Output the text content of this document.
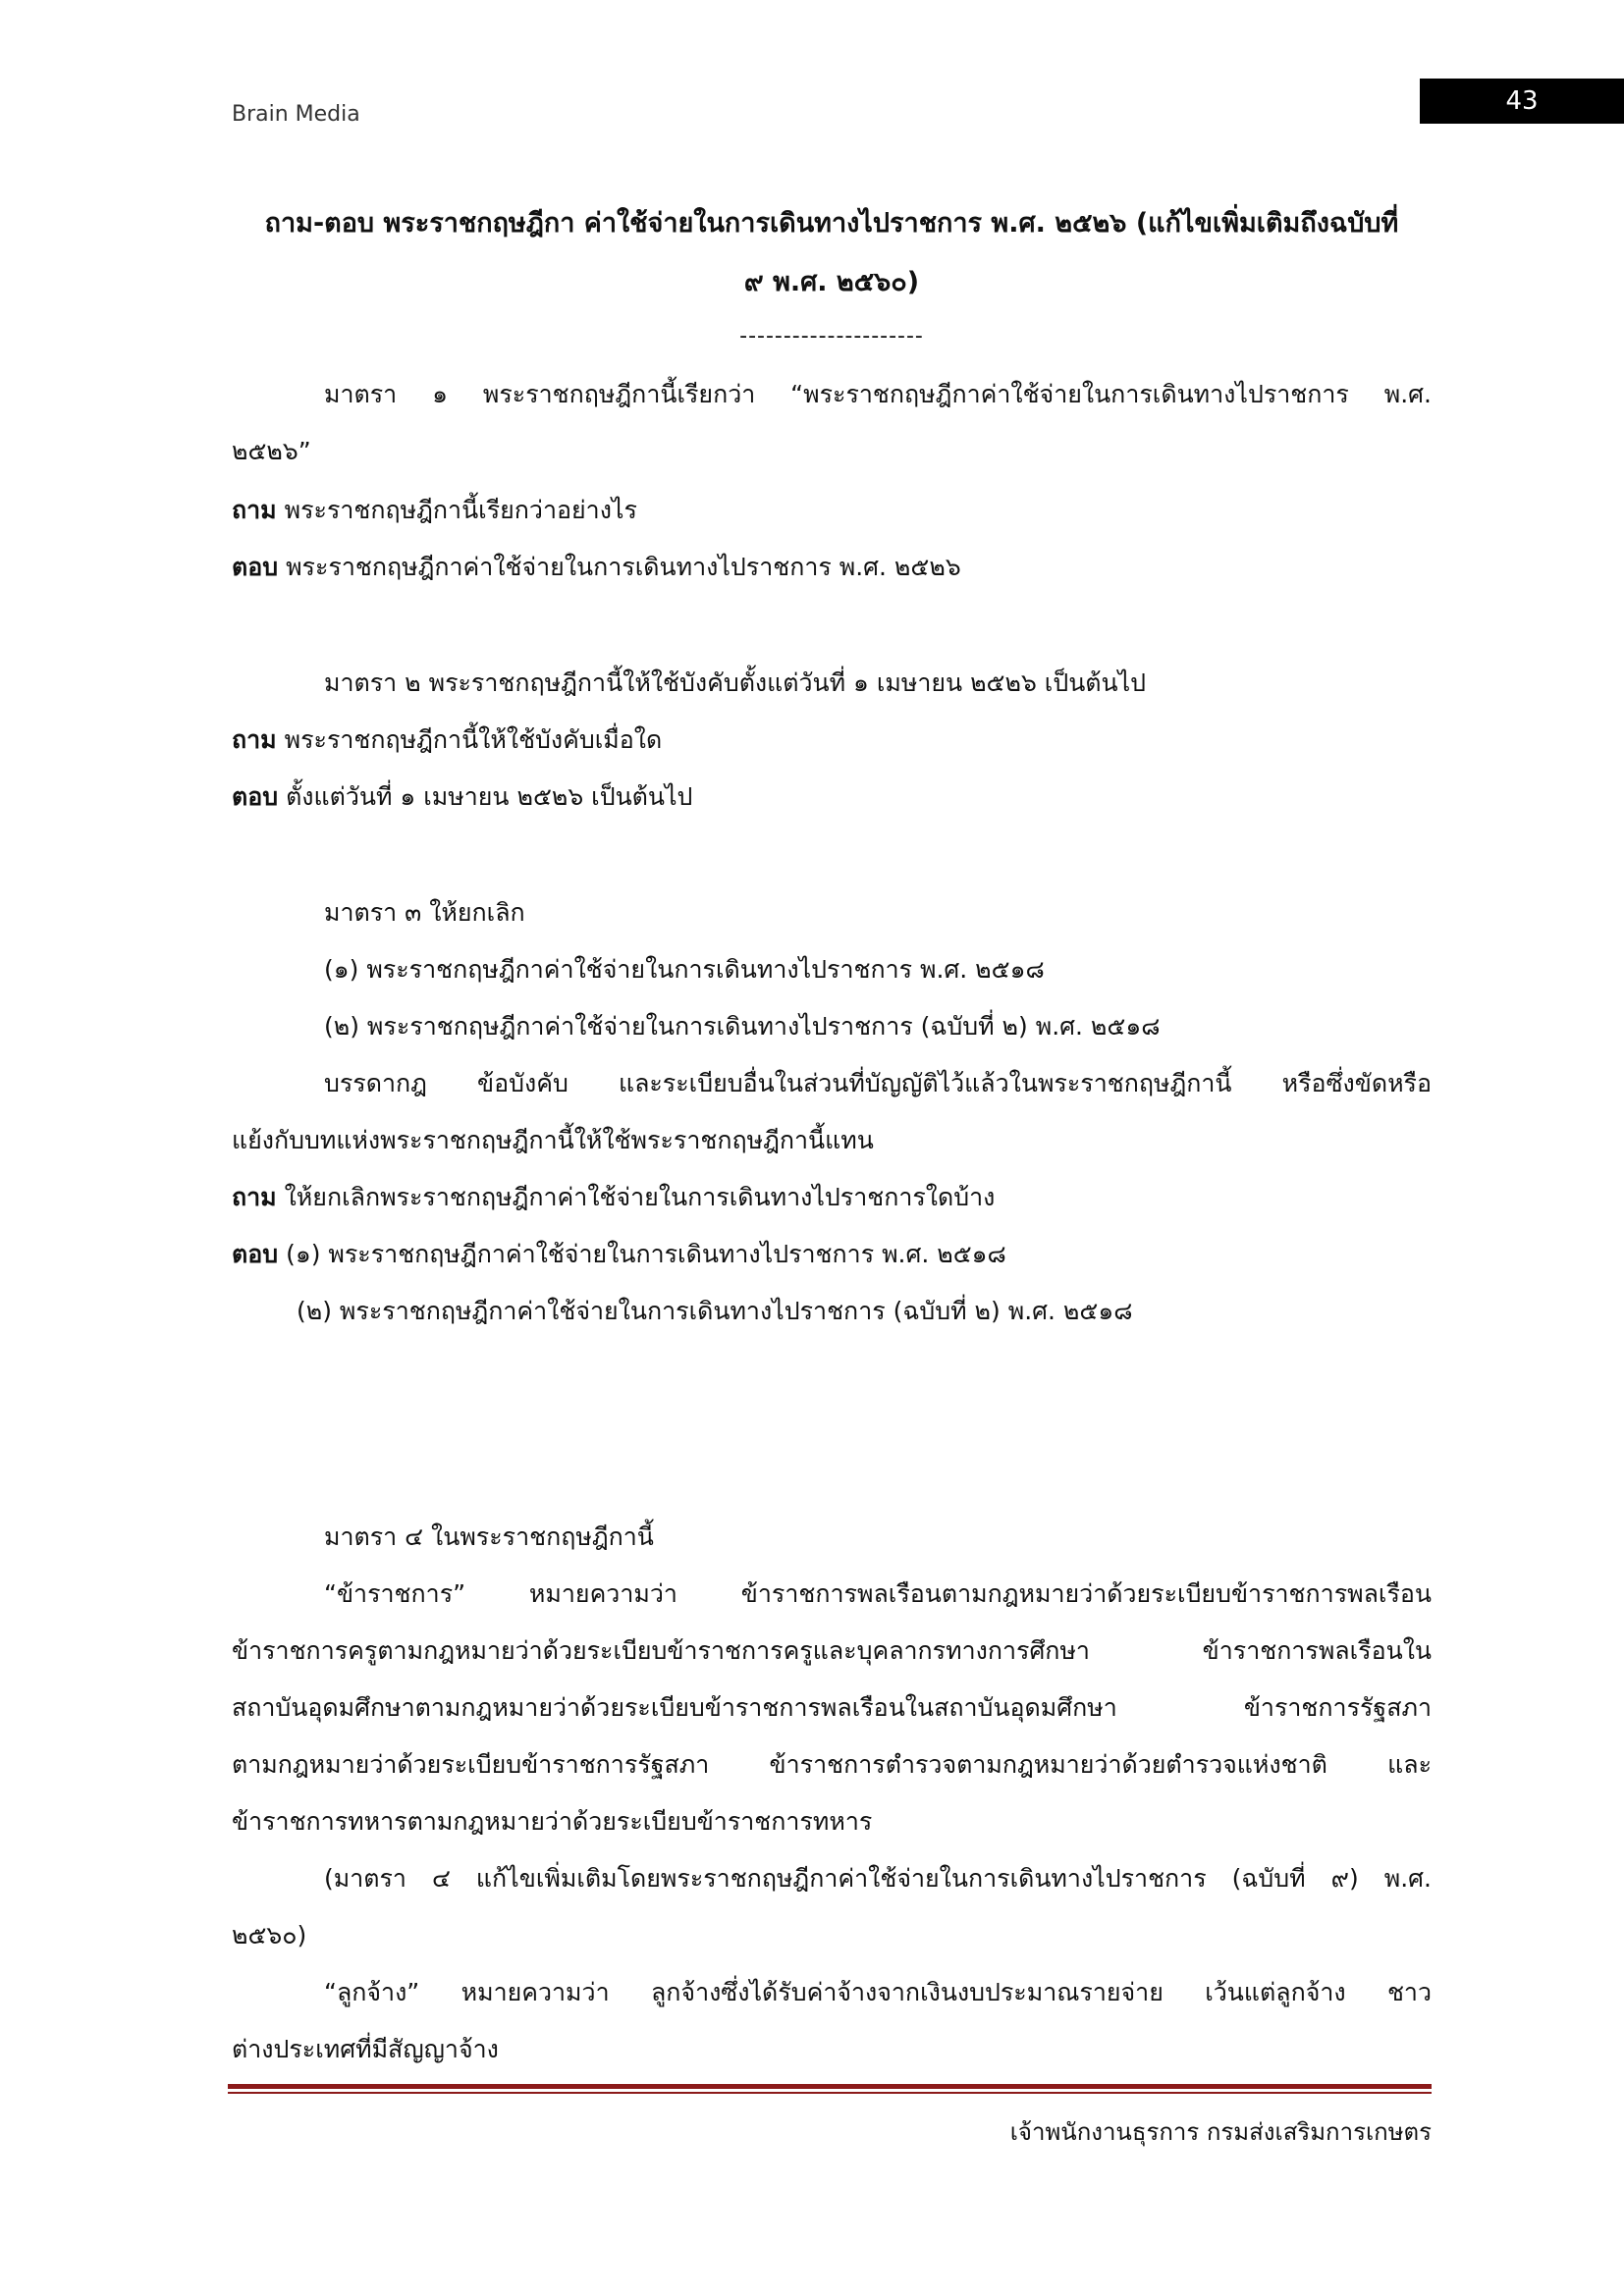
Brain Media	43
ถาม-ตอบ พระราชกฤษฎีกา ค่าใช้จ่ายในการเดินทางไปราชการ พ.ศ. ๒๕๒๖ (แก้ไขเพิ่มเติมถึงฉบับที่
๙ พ.ศ. ๒๕๖๐)
---------------------
มาตรา ๑ พระราชกฤษฎีกานี้เรียกว่า “พระราชกฤษฎีกาค่าใช้จ่ายในการเดินทางไปราชการ พ.ศ.
๒๕๒๖”
ถาม พระราชกฤษฎีกานี้เรียกว่าอย่างไร
ตอบ พระราชกฤษฎีกาค่าใช้จ่ายในการเดินทางไปราชการ พ.ศ. ๒๕๒๖
มาตรา ๒ พระราชกฤษฎีกานี้ให้ใช้บังคับตั้งแต่วันที่ ๑ เมษายน ๒๕๒๖ เป็นต้นไป
ถาม พระราชกฤษฎีกานี้ให้ใช้บังคับเมื่อใด
ตอบ ตั้งแต่วันที่ ๑ เมษายน ๒๕๒๖ เป็นต้นไป
มาตรา ๓ ให้ยกเลิก
(๑) พระราชกฤษฎีกาค่าใช้จ่ายในการเดินทางไปราชการ พ.ศ. ๒๕๑๘
(๒) พระราชกฤษฎีกาค่าใช้จ่ายในการเดินทางไปราชการ (ฉบับที่ ๒) พ.ศ. ๒๕๑๘
บรรดากฎ ข้อบังคับ และระเบียบอื่นในส่วนที่บัญญัติไว้แล้วในพระราชกฤษฎีกานี้ หรือซึ่งขัดหรือ
แย้งกับบทแห่งพระราชกฤษฎีกานี้ให้ใช้พระราชกฤษฎีกานี้แทน
ถาม ให้ยกเลิกพระราชกฤษฎีกาค่าใช้จ่ายในการเดินทางไปราชการใดบ้าง
ตอบ (๑) พระราชกฤษฎีกาค่าใช้จ่ายในการเดินทางไปราชการ พ.ศ. ๒๕๑๘
(๒) พระราชกฤษฎีกาค่าใช้จ่ายในการเดินทางไปราชการ (ฉบับที่ ๒) พ.ศ. ๒๕๑๘
มาตรา ๔ ในพระราชกฤษฎีกานี้
“ข้าราชการ” หมายความว่า ข้าราชการพลเรือนตามกฎหมายว่าด้วยระเบียบข้าราชการพลเรือน
ข้าราชการครูตามกฎหมายว่าด้วยระเบียบข้าราชการครูและบุคลากรทางการศึกษา ข้าราชการพลเรือนใน
สถาบันอุดมศึกษาตามกฎหมายว่าด้วยระเบียบข้าราชการพลเรือนในสถาบันอุดมศึกษา ข้าราชการรัฐสภา
ตามกฎหมายว่าด้วยระเบียบข้าราชการรัฐสภา ข้าราชการตำรวจตามกฎหมายว่าด้วยตำรวจแห่งชาติ และ
ข้าราชการทหารตามกฎหมายว่าด้วยระเบียบข้าราชการทหาร
(มาตรา ๔ แก้ไขเพิ่มเติมโดยพระราชกฤษฎีกาค่าใช้จ่ายในการเดินทางไปราชการ (ฉบับที่ ๙) พ.ศ.
๒๕๖๐)
“ลูกจ้าง” หมายความว่า ลูกจ้างซึ่งได้รับค่าจ้างจากเงินงบประมาณรายจ่าย เว้นแต่ลูกจ้าง ชาว
ต่างประเทศที่มีสัญญาจ้าง
เจ้าพนักงานธุรการ กรมส่งเสริมการเกษตร
